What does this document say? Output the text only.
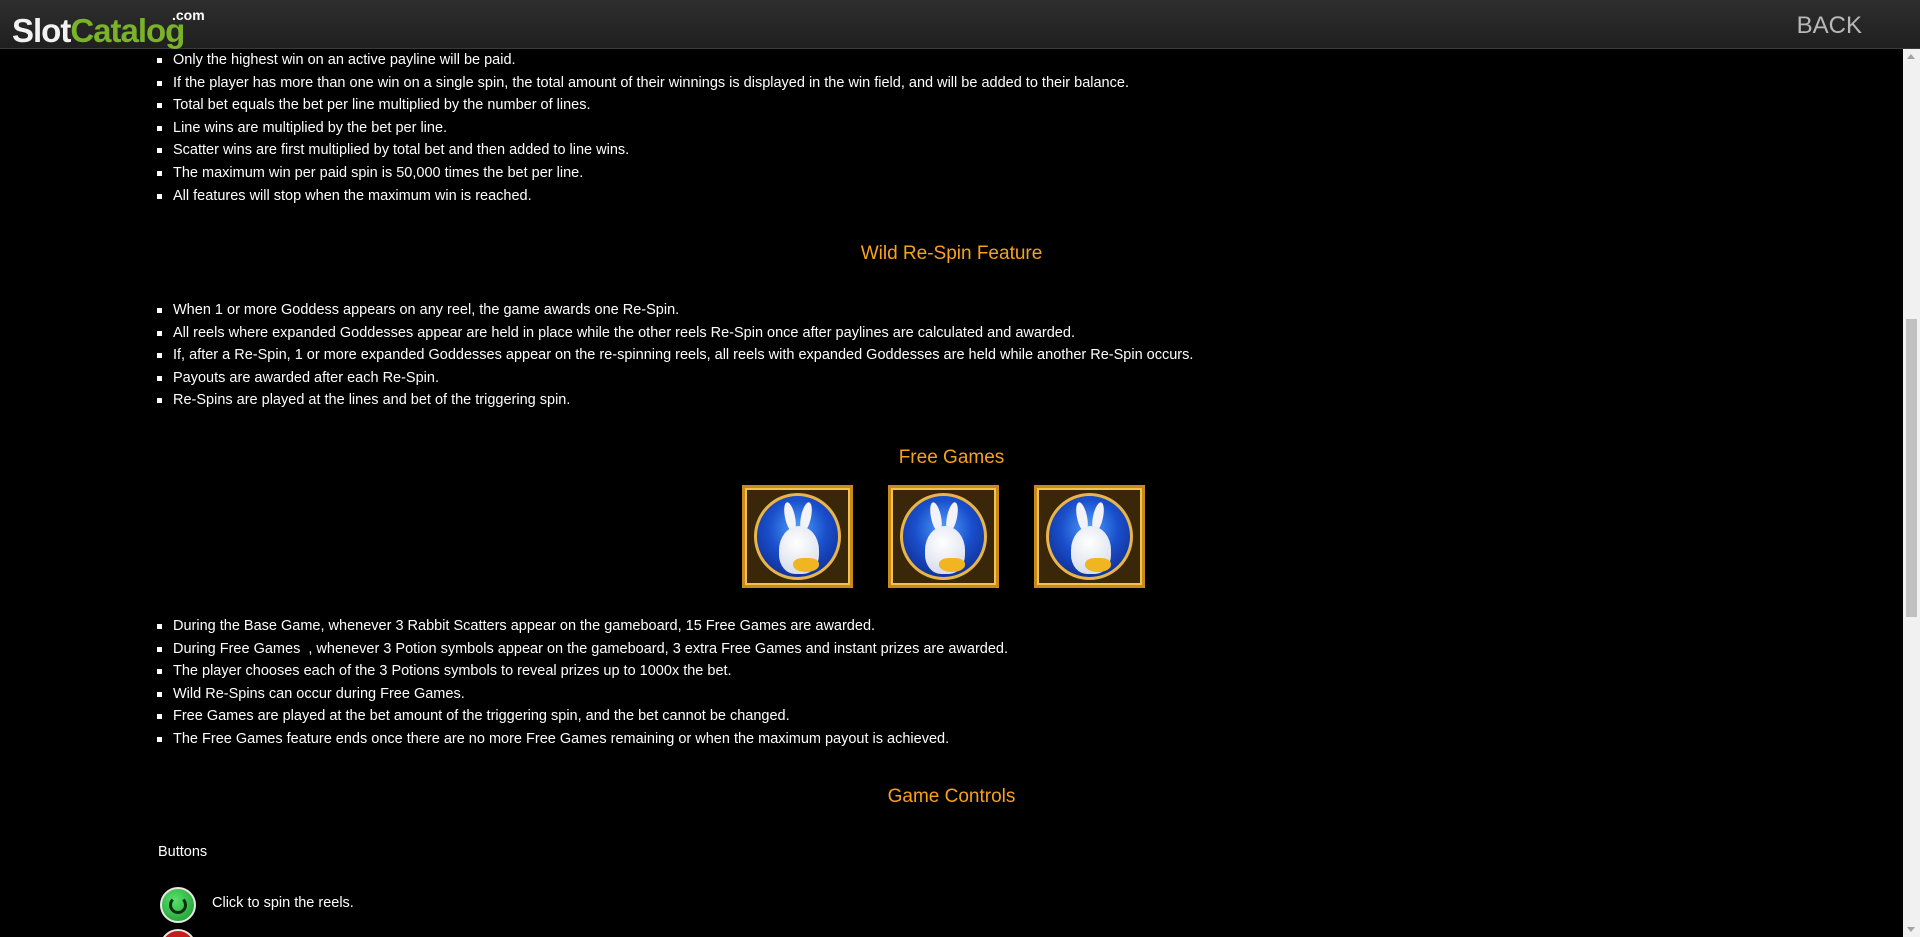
SlotCatalog
.com	BACK
Only the highest win on an active payline will be paid.
If the player has more than one win on a single spin, the total amount of their winnings is displayed in the win field, and will be added to their balance.
Total bet equals the bet per line multiplied by the number of lines.
Line wins are multiplied by the bet per line.
Scatter wins are first multiplied by total bet and then added to line wins.
The maximum win per paid spin is 50,000 times the bet per line.
All features will stop when the maximum win is reached.
Wild Re-Spin Feature
When 1 or more Goddess appears on any reel, the game awards one Re-Spin.
All reels where expanded Goddesses appear are held in place while the other reels Re-Spin once after paylines are calculated and awarded.
If, after a Re-Spin, 1 or more expanded Goddesses appear on the re-spinning reels, all reels with expanded Goddesses are held while another Re-Spin occurs.
Payouts are awarded after each Re-Spin.
Re-Spins are played at the lines and bet of the triggering spin.
Free Games
During the Base Game, whenever 3 Rabbit Scatters appear on the gameboard, 15 Free Games are awarded.
During Free Games  , whenever 3 Potion symbols appear on the gameboard, 3 extra Free Games and instant prizes are awarded.
The player chooses each of the 3 Potions symbols to reveal prizes up to 1000x the bet.
Wild Re-Spins can occur during Free Games.
Free Games are played at the bet amount of the triggering spin, and the bet cannot be changed.
The Free Games feature ends once there are no more Free Games remaining or when the maximum payout is achieved.
Game Controls
Buttons
Click to spin the reels.
